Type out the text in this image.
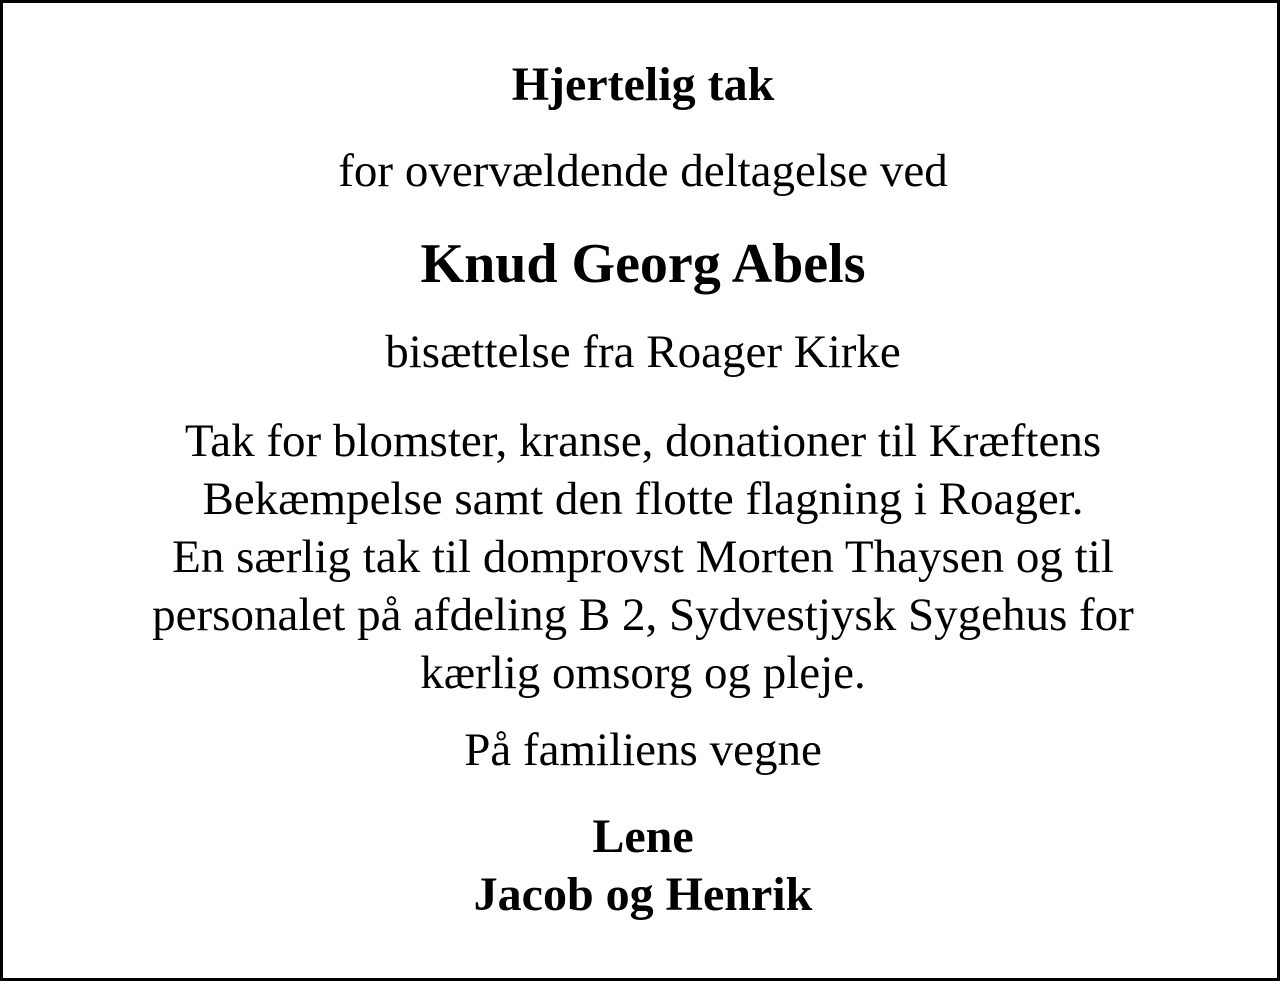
Hjertelig tak
for overvældende deltagelse ved
Knud Georg Abels
bisættelse fra Roager Kirke
Tak for blomster, kranse, donationer til Kræftens
Bekæmpelse samt den flotte flagning i Roager.
En særlig tak til domprovst Morten Thaysen og til
personalet på afdeling B 2, Sydvestjysk Sygehus for
kærlig omsorg og pleje.
På familiens vegne
Lene
Jacob og Henrik
